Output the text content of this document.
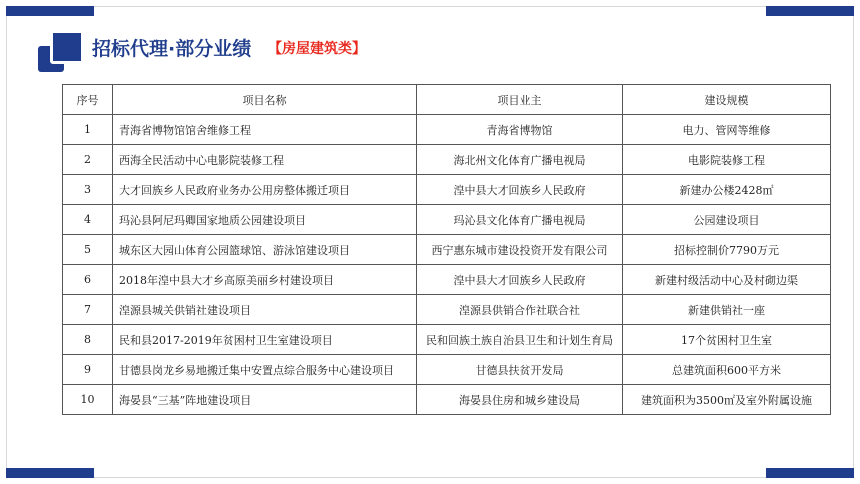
招标代理·部分业绩 【房屋建筑类】
序号	项目名称	项目业主	建设规模
1	青海省博物馆馆舍维修工程	青海省博物馆	电力、管网等维修
2	西海全民活动中心电影院装修工程	海北州文化体育广播电视局	电影院装修工程
3	大才回族乡人民政府业务办公用房整体搬迁项目	湟中县大才回族乡人民政府	新建办公楼2428㎡
4	玛沁县阿尼玛卿国家地质公园建设项目	玛沁县文化体育广播电视局	公园建设项目
5	城东区大园山体育公园篮球馆、游泳馆建设项目	西宁惠东城市建设投资开发有限公司	招标控制价7790万元
6	2018年湟中县大才乡高原美丽乡村建设项目	湟中县大才回族乡人民政府	新建村级活动中心及村砌边渠
7	湟源县城关供销社建设项目	湟源县供销合作社联合社	新建供销社一座
8	民和县2017-2019年贫困村卫生室建设项目	民和回族土族自治县卫生和计划生育局	17个贫困村卫生室
9	甘德县岗龙乡易地搬迁集中安置点综合服务中心建设项目	甘德县扶贫开发局	总建筑面积600平方米
10	海晏县“三基”阵地建设项目	海晏县住房和城乡建设局	建筑面积为3500㎡及室外附属设施
